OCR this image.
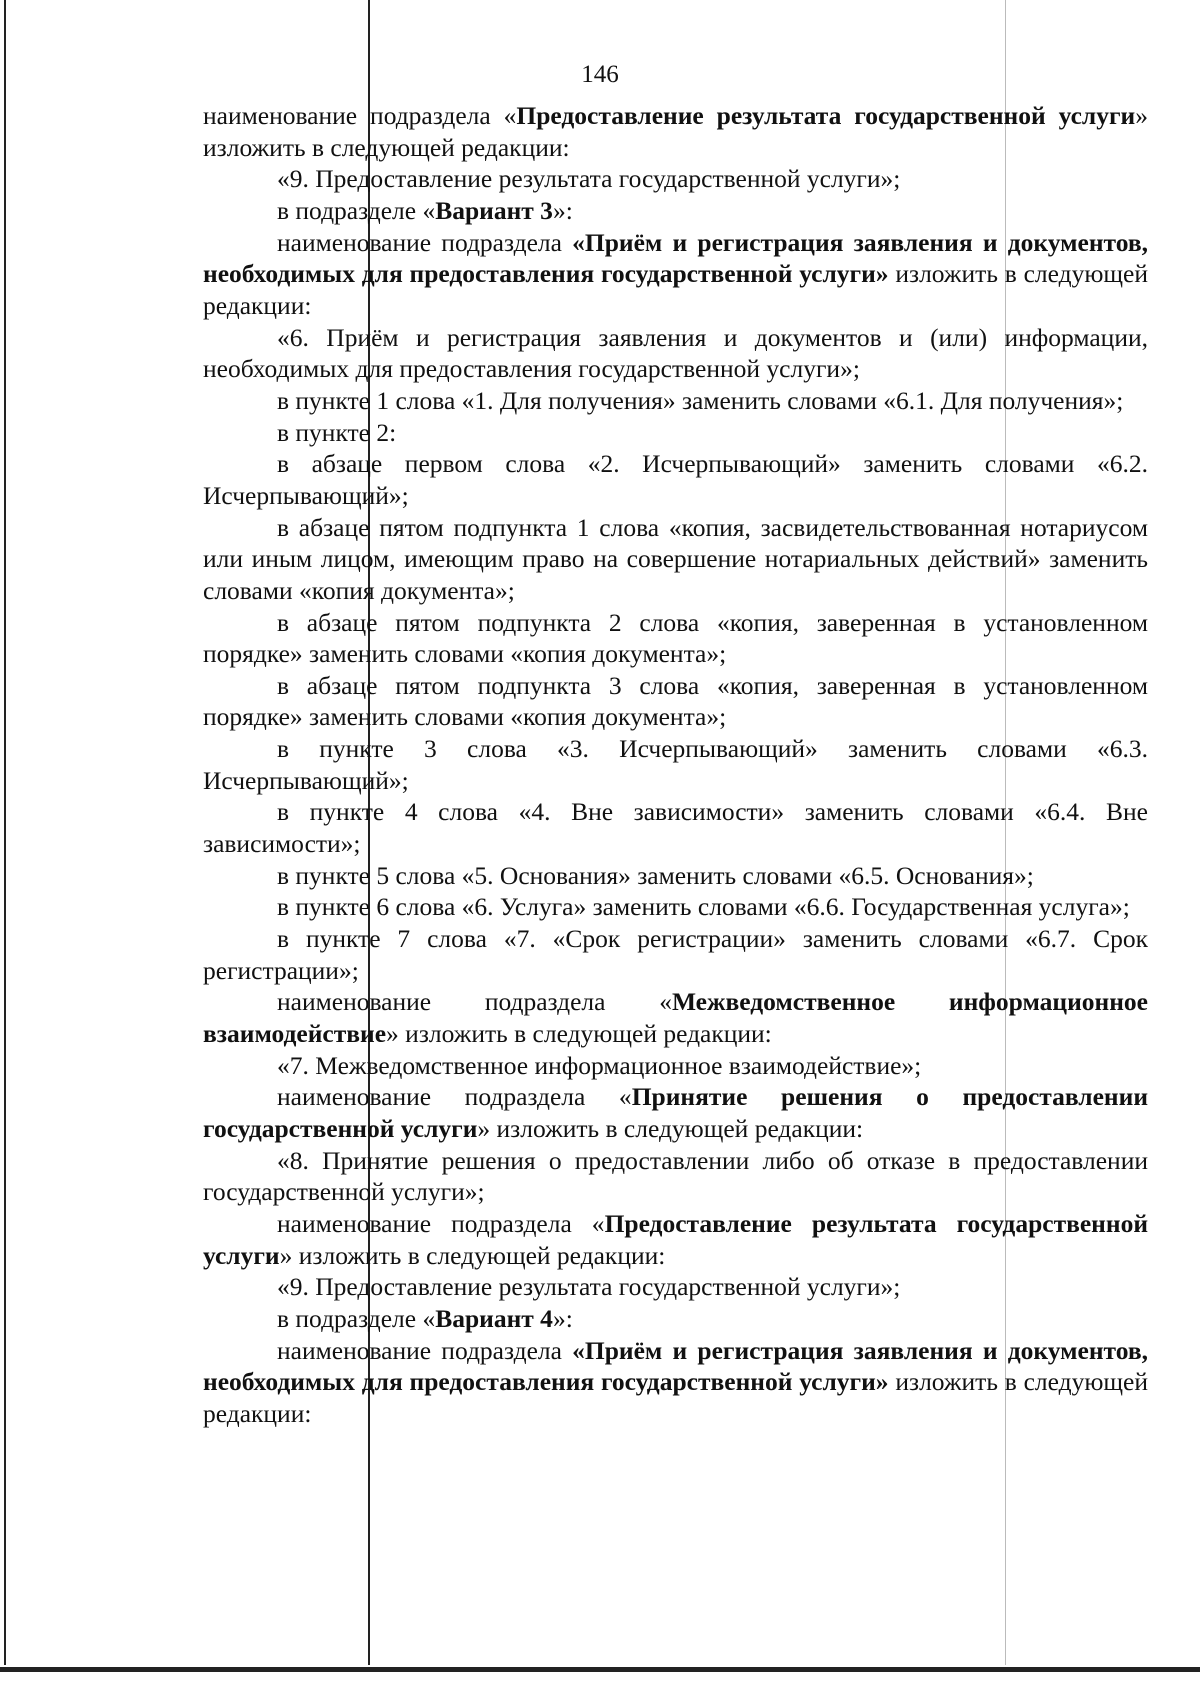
146

наименование подраздела «Предоставление результата государственной услуги» изложить в следующей редакции:

«9. Предоставление результата государственной услуги»;

в подразделе «Вариант 3»:

наименование подраздела «Приём и регистрация заявления и документов, необходимых для предоставления государственной услуги» изложить в следующей редакции:

«6. Приём и регистрация заявления и документов и (или) информации, необходимых для предоставления государственной услуги»;

в пункте 1 слова «1. Для получения» заменить словами «6.1. Для получения»;

в пункте 2:

в абзаце первом слова «2. Исчерпывающий» заменить словами «6.2. Исчерпывающий»;

в абзаце пятом подпункта 1 слова «копия, засвидетельствованная нотариусом или иным лицом, имеющим право на совершение нотариальных действий» заменить словами «копия документа»;

в абзаце пятом подпункта 2 слова «копия, заверенная в установленном порядке» заменить словами «копия документа»;

в абзаце пятом подпункта 3 слова «копия, заверенная в установленном порядке» заменить словами «копия документа»;

в пункте 3 слова «3. Исчерпывающий» заменить словами «6.3. Исчерпывающий»;

в пункте 4 слова «4. Вне зависимости» заменить словами «6.4. Вне зависимости»;

в пункте 5 слова «5. Основания» заменить словами «6.5. Основания»;

в пункте 6 слова «6. Услуга» заменить словами «6.6. Государственная услуга»;

в пункте 7 слова «7. «Срок регистрации» заменить словами «6.7. Срок регистрации»;

наименование подраздела «Межведомственное информационное взаимодействие» изложить в следующей редакции:

«7. Межведомственное информационное взаимодействие»;

наименование подраздела «Принятие решения о предоставлении государственной услуги» изложить в следующей редакции:

«8. Принятие решения о предоставлении либо об отказе в предоставлении государственной услуги»;

наименование подраздела «Предоставление результата государственной услуги» изложить в следующей редакции:

«9. Предоставление результата государственной услуги»;

в подразделе «Вариант 4»:

наименование подраздела «Приём и регистрация заявления и документов, необходимых для предоставления государственной услуги» изложить в следующей редакции:
